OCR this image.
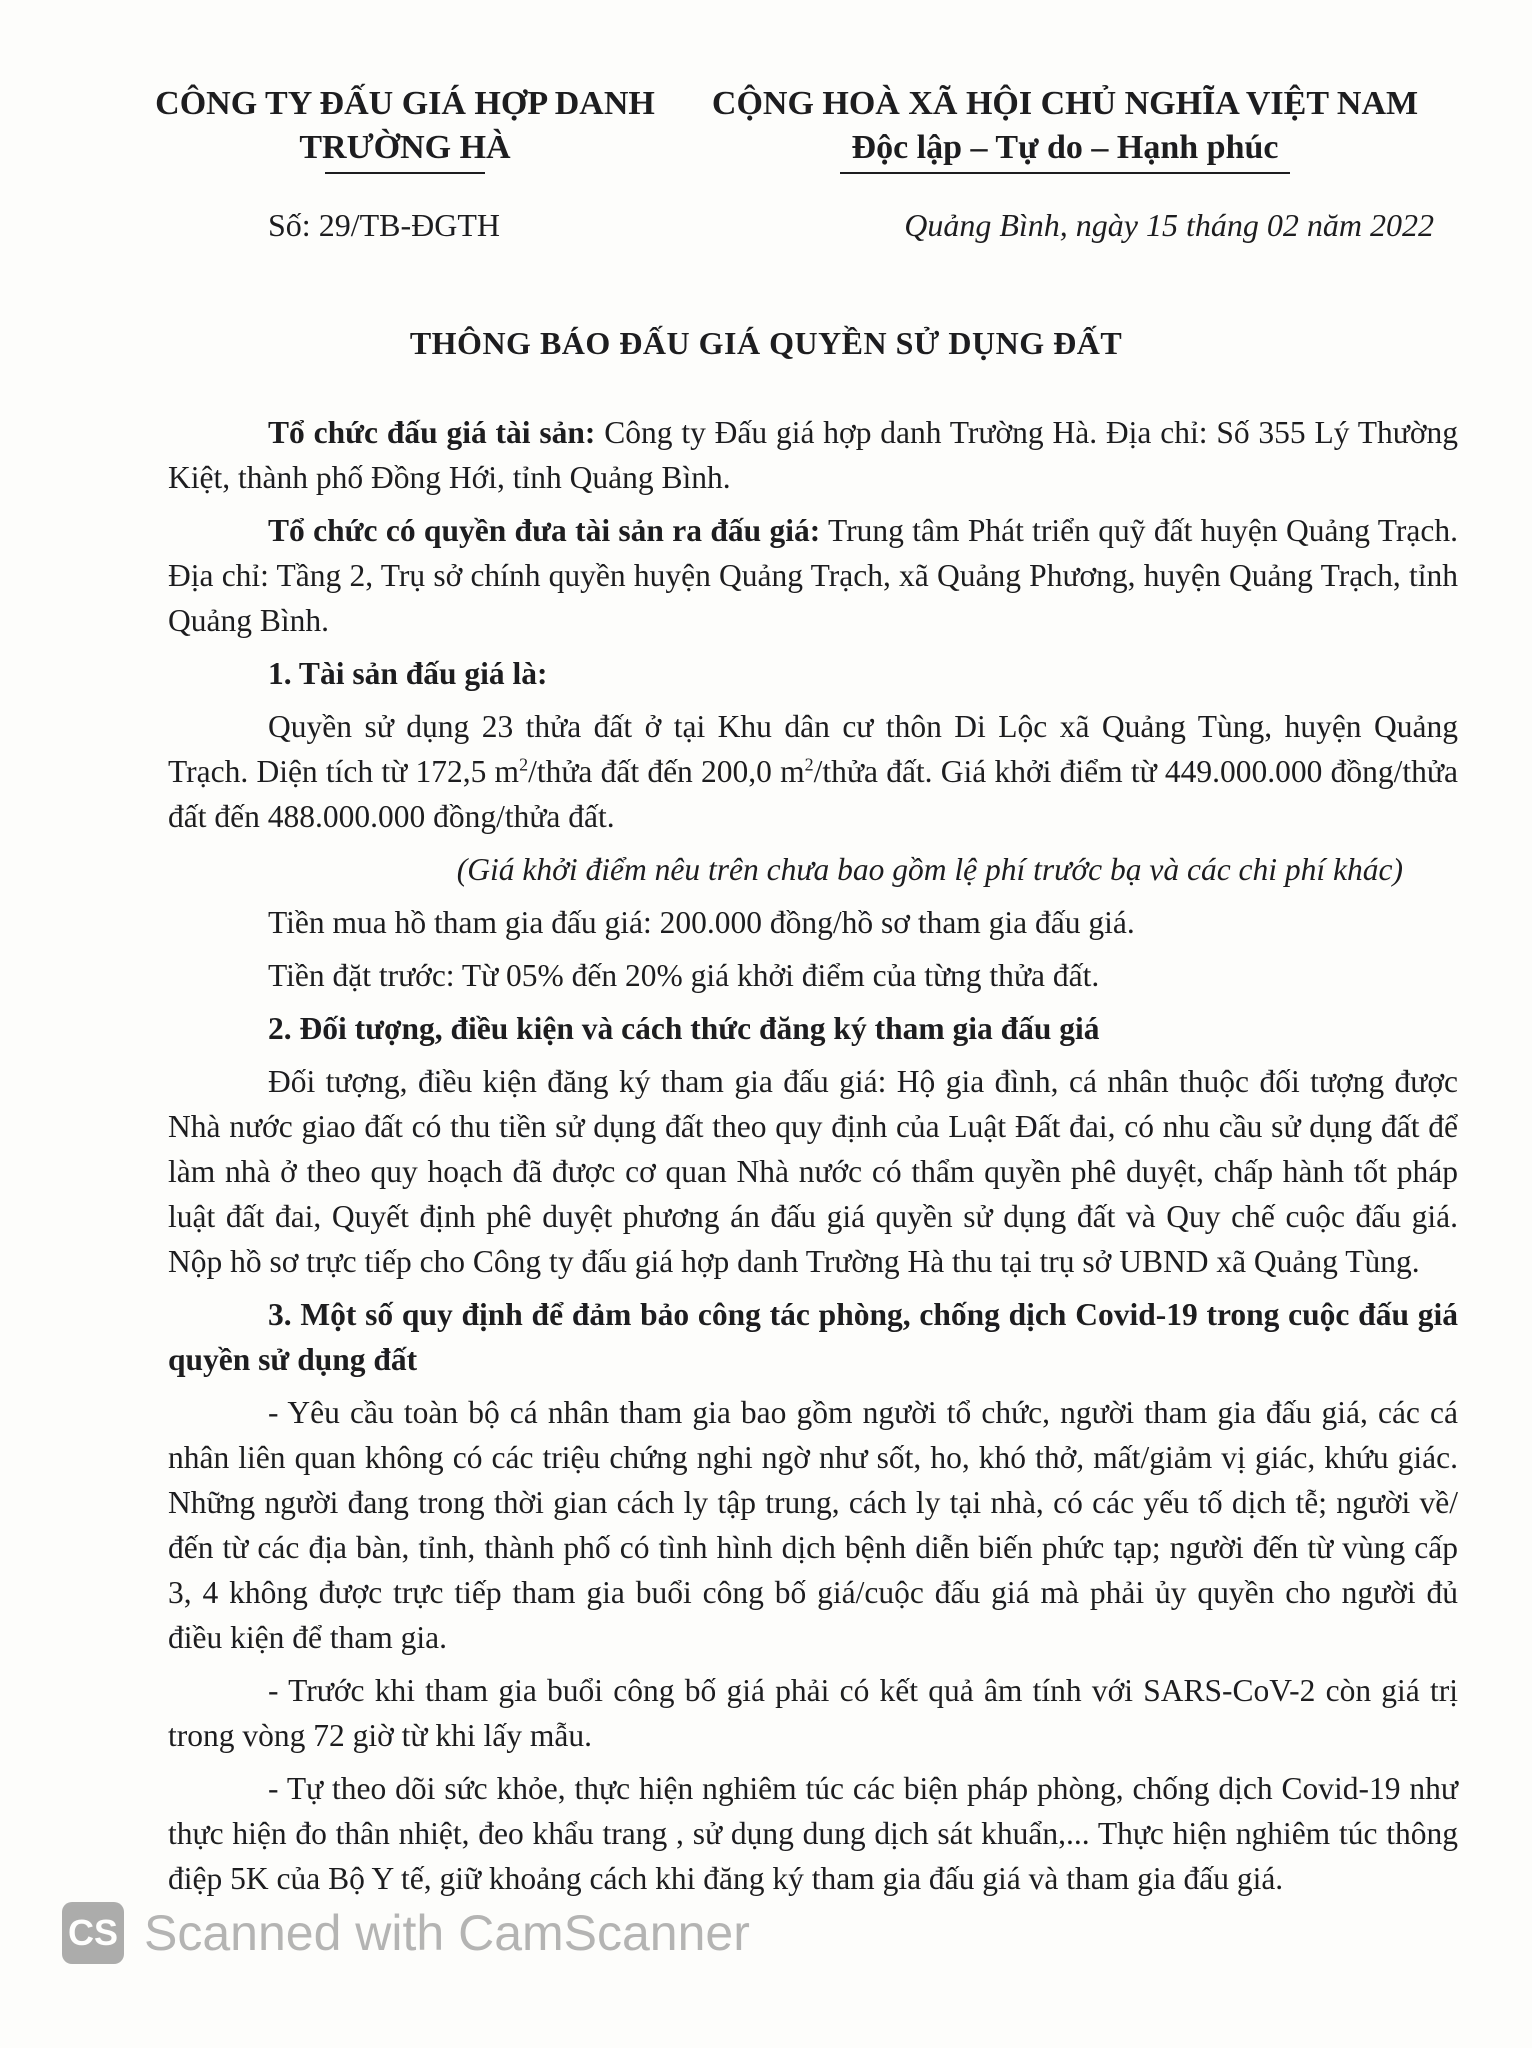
CÔNG TY ĐẤU GIÁ HỢP DANH
TRƯỜNG HÀ
CỘNG HOÀ XÃ HỘI CHỦ NGHĨA VIỆT NAM
Độc lập – Tự do – Hạnh phúc
Số: 29/TB-ĐGTH	Quảng Bình, ngày 15 tháng 02 năm 2022
THÔNG BÁO ĐẤU GIÁ QUYỀN SỬ DỤNG ĐẤT

Tổ chức đấu giá tài sản: Công ty Đấu giá hợp danh Trường Hà. Địa chỉ: Số 355 Lý Thường Kiệt, thành phố Đồng Hới, tỉnh Quảng Bình.

Tổ chức có quyền đưa tài sản ra đấu giá: Trung tâm Phát triển quỹ đất huyện Quảng Trạch. Địa chỉ: Tầng 2, Trụ sở chính quyền huyện Quảng Trạch, xã Quảng Phương, huyện Quảng Trạch, tỉnh Quảng Bình.

1. Tài sản đấu giá là:

Quyền sử dụng 23 thửa đất ở tại Khu dân cư thôn Di Lộc xã Quảng Tùng, huyện Quảng Trạch. Diện tích từ 172,5 $m^2$/thửa đất đến 200,0 $m^2$/thửa đất. Giá khởi điểm từ 449.000.000 đồng/thửa đất đến 488.000.000 đồng/thửa đất.

(Giá khởi điểm nêu trên chưa bao gồm lệ phí trước bạ và các chi phí khác)

Tiền mua hồ tham gia đấu giá: 200.000 đồng/hồ sơ tham gia đấu giá.

Tiền đặt trước: Từ 05% đến 20% giá khởi điểm của từng thửa đất.

2. Đối tượng, điều kiện và cách thức đăng ký tham gia đấu giá

Đối tượng, điều kiện đăng ký tham gia đấu giá: Hộ gia đình, cá nhân thuộc đối tượng được Nhà nước giao đất có thu tiền sử dụng đất theo quy định của Luật Đất đai, có nhu cầu sử dụng đất để làm nhà ở theo quy hoạch đã được cơ quan Nhà nước có thẩm quyền phê duyệt, chấp hành tốt pháp luật đất đai, Quyết định phê duyệt phương án đấu giá quyền sử dụng đất và Quy chế cuộc đấu giá. Nộp hồ sơ trực tiếp cho Công ty đấu giá hợp danh Trường Hà thu tại trụ sở UBND xã Quảng Tùng.

3. Một số quy định để đảm bảo công tác phòng, chống dịch Covid-19 trong cuộc đấu giá quyền sử dụng đất

- Yêu cầu toàn bộ cá nhân tham gia bao gồm người tổ chức, người tham gia đấu giá, các cá nhân liên quan không có các triệu chứng nghi ngờ như sốt, ho, khó thở, mất/giảm vị giác, khứu giác. Những người đang trong thời gian cách ly tập trung, cách ly tại nhà, có các yếu tố dịch tễ; người về/đến từ các địa bàn, tỉnh, thành phố có tình hình dịch bệnh diễn biến phức tạp; người đến từ vùng cấp 3, 4 không được trực tiếp tham gia buổi công bố giá/cuộc đấu giá mà phải ủy quyền cho người đủ điều kiện để tham gia.

- Trước khi tham gia buổi công bố giá phải có kết quả âm tính với SARS-CoV-2 còn giá trị trong vòng 72 giờ từ khi lấy mẫu.

- Tự theo dõi sức khỏe, thực hiện nghiêm túc các biện pháp phòng, chống dịch Covid-19 như thực hiện đo thân nhiệt, đeo khẩu trang , sử dụng dung dịch sát khuẩn,... Thực hiện nghiêm túc thông điệp 5K của Bộ Y tế, giữ khoảng cách khi đăng ký tham gia đấu giá và tham gia đấu giá.

CS Scanned with CamScanner
